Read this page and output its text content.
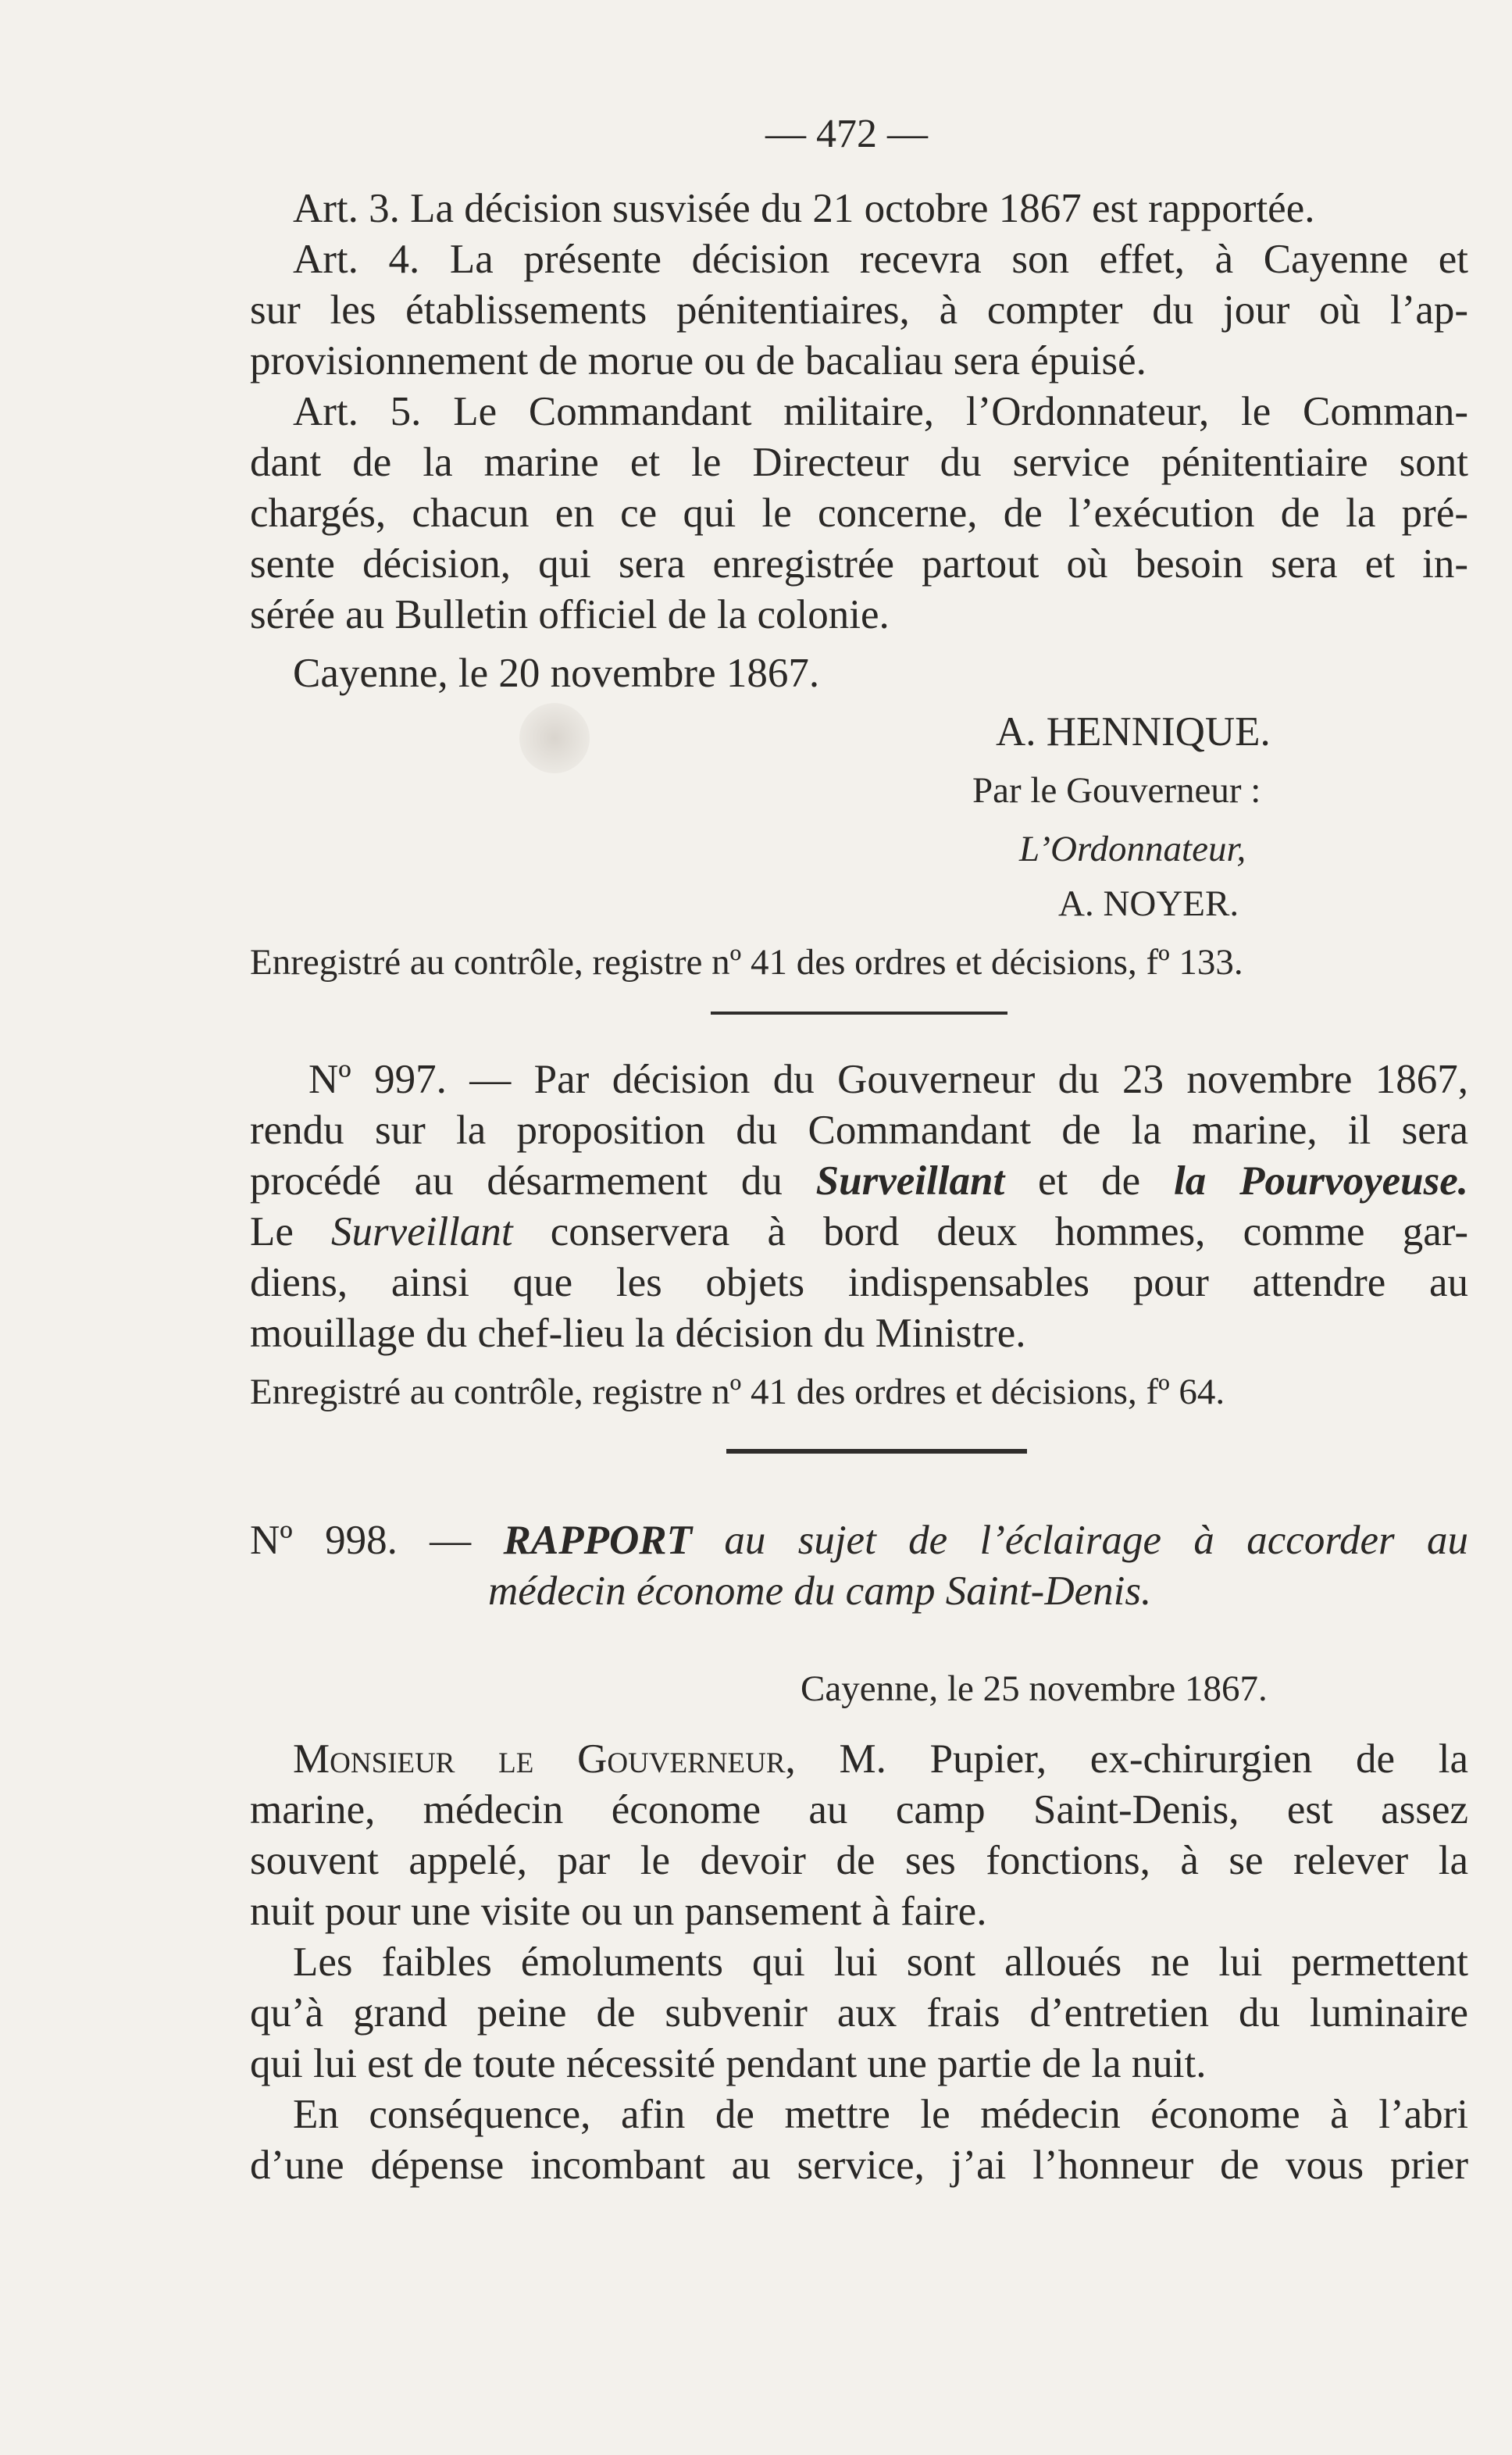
— 472 —
Art. 3. La décision susvisée du 21 octobre 1867 est rapportée.
Art. 4. La présente décision recevra son effet, à Cayenne et
sur les établissements pénitentiaires, à compter du jour où l’ap-
provisionnement de morue ou de bacaliau sera épuisé.
Art. 5. Le Commandant militaire, l’Ordonnateur, le Comman-
dant de la marine et le Directeur du service pénitentiaire sont
chargés, chacun en ce qui le concerne, de l’exécution de la pré-
sente décision, qui sera enregistrée partout où besoin sera et in-
sérée au Bulletin officiel de la colonie.
Cayenne, le 20 novembre 1867.
A. HENNIQUE.
Par le Gouverneur :
L’Ordonnateur,
A. NOYER.
Enregistré au contrôle, registre nº 41 des ordres et décisions, fº 133.
Nº 997. — Par décision du Gouverneur du 23 novembre 1867,
rendu sur la proposition du Commandant de la marine, il sera
procédé au désarmement du Surveillant et de la Pourvoyeuse.
Le Surveillant conservera à bord deux hommes, comme gar-
diens, ainsi que les objets indispensables pour attendre au
mouillage du chef-lieu la décision du Ministre.
Enregistré au contrôle, registre nº 41 des ordres et décisions, fº 64.
Nº 998. — RAPPORT au sujet de l’éclairage à accorder au
médecin économe du camp Saint-Denis.
Cayenne, le 25 novembre 1867.
Monsieur le Gouverneur, M. Pupier, ex-chirurgien de la
marine, médecin économe au camp Saint-Denis, est assez
souvent appelé, par le devoir de ses fonctions, à se relever la
nuit pour une visite ou un pansement à faire.
Les faibles émoluments qui lui sont alloués ne lui permettent
qu’à grand peine de subvenir aux frais d’entretien du luminaire
qui lui est de toute nécessité pendant une partie de la nuit.
En conséquence, afin de mettre le médecin économe à l’abri
d’une dépense incombant au service, j’ai l’honneur de vous prier
